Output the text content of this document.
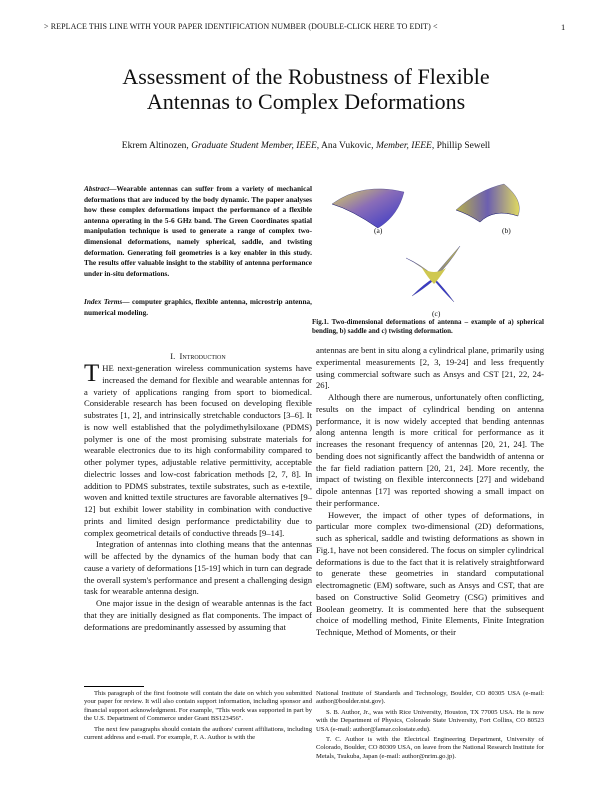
> REPLACE THIS LINE WITH YOUR PAPER IDENTIFICATION NUMBER (DOUBLE-CLICK HERE TO EDIT) <	1
Assessment of the Robustness of Flexible
Antennas to Complex Deformations
Ekrem Altinozen, Graduate Student Member, IEEE, Ana Vukovic, Member, IEEE, Phillip Sewell
Abstract—Wearable antennas can suffer from a variety of mechanical deformations that are induced by the body dynamic. The paper analyses how these complex deformations impact the performance of a flexible antenna operating in the 5-6 GHz band. The Green Coordinates spatial manipulation technique is used to generate a range of complex two-dimensional deformations, namely spherical, saddle, and twisting deformation. Generating foil geometries is a key enabler in this study. The results offer valuable insight to the stability of antenna performance under in-situ deformations.
Index Terms— computer graphics, flexible antenna, microstrip antenna, numerical modeling.
I. Introduction

THE next-generation wireless communication systems have increased the demand for flexible and wearable antennas for a variety of applications ranging from sport to biomedical. Considerable research has been focused on developing flexible substrates [1, 2], and intrinsically stretchable conductors [3–6]. It is now well established that the polydimethylsiloxane (PDMS) polymer is one of the most promising substrate materials for wearable electronics due to its high conformability compared to other polymer types, adjustable relative permittivity, acceptable dielectric losses and low-cost fabrication methods [2, 7, 8]. In addition to PDMS substrates, textile substrates, such as e-textile, woven and knitted textile structures are favorable alternatives [9–12] but exhibit lower stability in combination with conductive prints and limited design performance predictability due to complex geometrical details of conductive threads [9–14].

Integration of antennas into clothing means that the antennas will be affected by the dynamics of the human body that can cause a variety of deformations [15-19] which in turn can degrade the overall system's performance and present a challenging design task for wearable antenna design.

One major issue in the design of wearable antennas is the fact that they are initially designed as flat components. The impact of deformations are predominantly assessed by assuming that

(a)	(b)
(c)
Fig.1. Two-dimensional deformations of antenna – example of a) spherical bending, b) saddle and c) twisting deformation.

antennas are bent in situ along a cylindrical plane, primarily using experimental measurements [2, 3, 19-24] and less frequently using commercial software such as Ansys and CST [21, 22, 24-26].

Although there are numerous, unfortunately often conflicting, results on the impact of cylindrical bending on antenna performance, it is now widely accepted that bending antennas along antenna length is more critical for performance as it increases the resonant frequency of antennas [20, 21, 24]. The bending does not significantly affect the bandwidth of antenna or the far field radiation pattern [20, 21, 24]. More recently, the impact of twisting on flexible interconnects [27] and wideband dipole antennas [17] was reported showing a small impact on their performance.

However, the impact of other types of deformations, in particular more complex two-dimensional (2D) deformations, such as spherical, saddle and twisting deformations as shown in Fig.1, have not been considered. The focus on simpler cylindrical deformations is due to the fact that it is relatively straightforward to generate these geometries in standard computational electromagnetic (EM) software, such as Ansys and CST, that are based on Constructive Solid Geometry (CSG) primitives and Boolean geometry. It is commented here that the subsequent choice of modelling method, Finite Elements, Finite Integration Technique, Method of Moments, or their

This paragraph of the first footnote will contain the date on which you submitted your paper for review. It will also contain support information, including sponsor and financial support acknowledgment. For example, "This work was supported in part by the U.S. Department of Commerce under Grant BS123456".

The next few paragraphs should contain the authors' current affiliations, including current address and e-mail. For example, F. A. Author is with the

National Institute of Standards and Technology, Boulder, CO 80305 USA (e-mail: author@boulder.nist.gov).

S. B. Author, Jr., was with Rice University, Houston, TX 77005 USA. He is now with the Department of Physics, Colorado State University, Fort Collins, CO 80523 USA (e-mail: author@lamar.colostate.edu).

T. C. Author is with the Electrical Engineering Department, University of Colorado, Boulder, CO 80309 USA, on leave from the National Research Institute for Metals, Tsukuba, Japan (e-mail: author@nrim.go.jp).
